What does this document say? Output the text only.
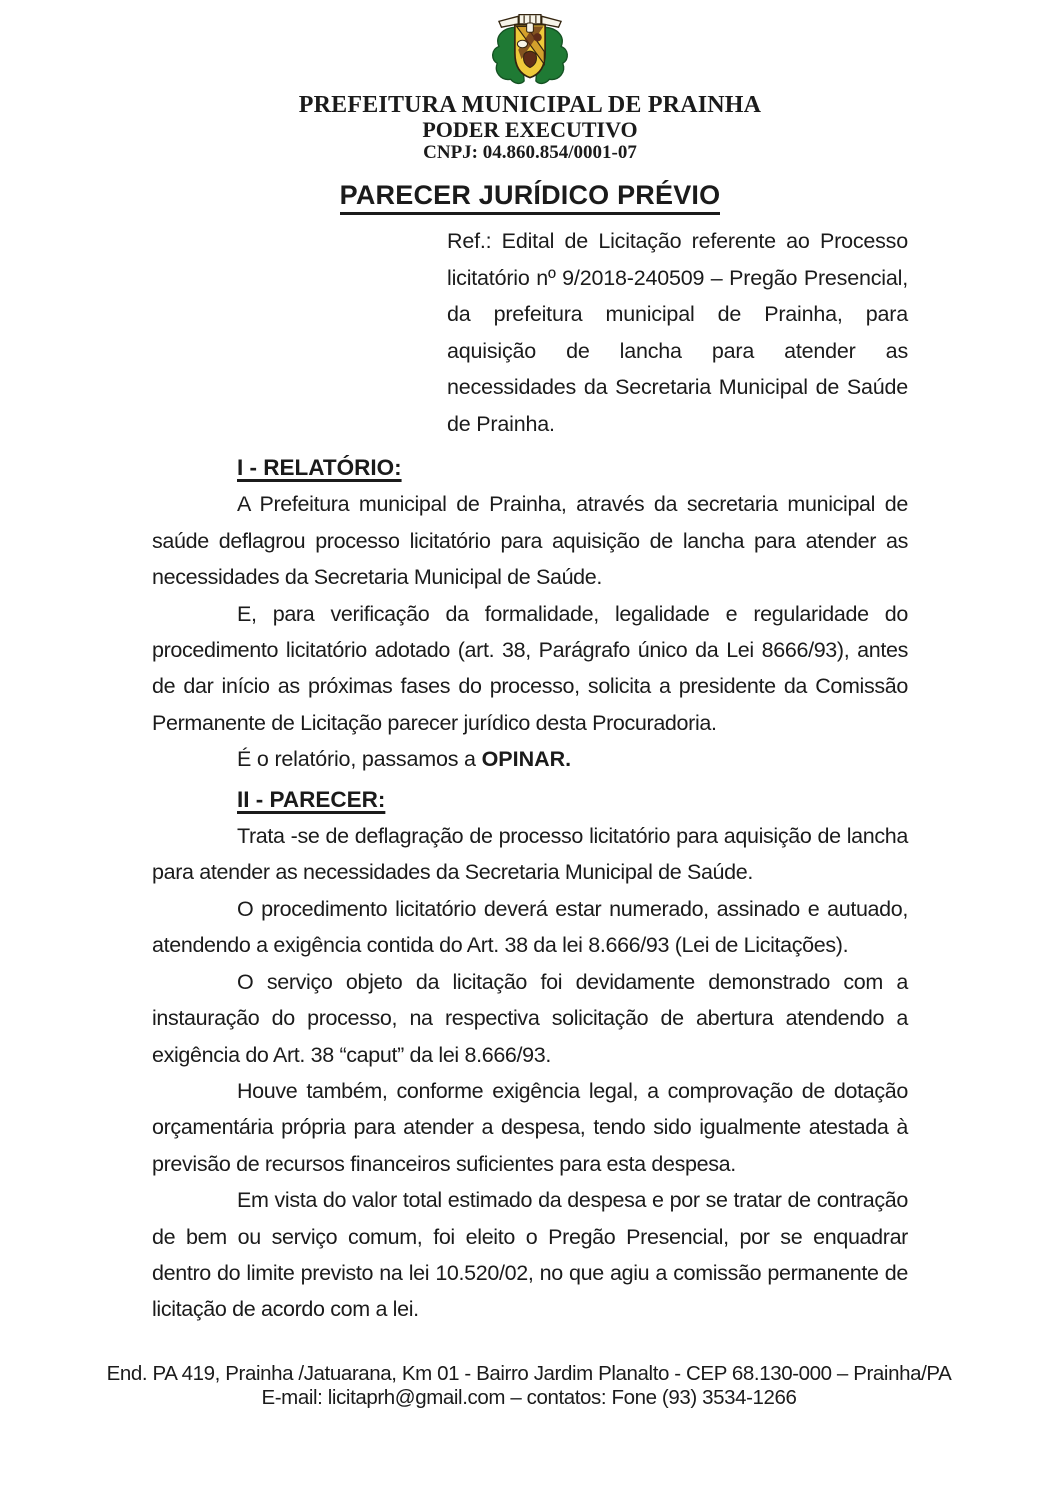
PREFEITURA MUNICIPAL DE PRAINHA
PODER EXECUTIVO
CNPJ: 04.860.854/0001-07
PARECER JURÍDICO PRÉVIO
Ref.: Edital de Licitação referente ao Processo licitatório nº 9/2018-240509 – Pregão Presencial, da prefeitura municipal de Prainha, para aquisição de lancha para atender as necessidades da Secretaria Municipal de Saúde de Prainha.
I - RELATÓRIO:

A Prefeitura municipal de Prainha, através da secretaria municipal de saúde deflagrou processo licitatório para aquisição de lancha para atender as necessidades da Secretaria Municipal de Saúde.

E, para verificação da formalidade, legalidade e regularidade do procedimento licitatório adotado (art. 38, Parágrafo único da Lei 8666/93), antes de dar início as próximas fases do processo, solicita a presidente da Comissão Permanente de Licitação parecer jurídico desta Procuradoria.

É o relatório, passamos a OPINAR.

II - PARECER:

Trata -se de deflagração de processo licitatório para aquisição de lancha para atender as necessidades da Secretaria Municipal de Saúde.

O procedimento licitatório deverá estar numerado, assinado e autuado, atendendo a exigência contida do Art. 38 da lei 8.666/93 (Lei de Licitações).

O serviço objeto da licitação foi devidamente demonstrado com a instauração do processo, na respectiva solicitação de abertura atendendo a exigência do Art. 38 “caput” da lei 8.666/93.

Houve também, conforme exigência legal, a comprovação de dotação orçamentária própria para atender a despesa, tendo sido igualmente atestada à previsão de recursos financeiros suficientes para esta despesa.

Em vista do valor total estimado da despesa e por se tratar de contração de bem ou serviço comum, foi eleito o Pregão Presencial, por se enquadrar dentro do limite previsto na lei 10.520/02, no que agiu a comissão permanente de licitação de acordo com a lei.

End. PA 419, Prainha /Jatuarana, Km 01 - Bairro Jardim Planalto - CEP 68.130-000 – Prainha/PA
E-mail: licitaprh@gmail.com – contatos: Fone (93) 3534-1266
